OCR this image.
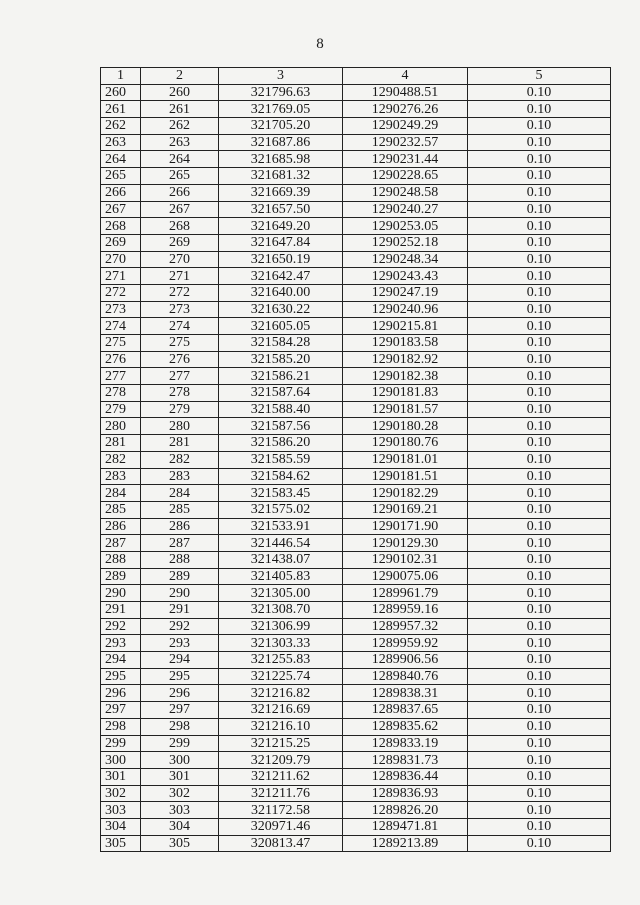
8
1	2	3	4	5
260	260	321796.63	1290488.51	0.10
261	261	321769.05	1290276.26	0.10
262	262	321705.20	1290249.29	0.10
263	263	321687.86	1290232.57	0.10
264	264	321685.98	1290231.44	0.10
265	265	321681.32	1290228.65	0.10
266	266	321669.39	1290248.58	0.10
267	267	321657.50	1290240.27	0.10
268	268	321649.20	1290253.05	0.10
269	269	321647.84	1290252.18	0.10
270	270	321650.19	1290248.34	0.10
271	271	321642.47	1290243.43	0.10
272	272	321640.00	1290247.19	0.10
273	273	321630.22	1290240.96	0.10
274	274	321605.05	1290215.81	0.10
275	275	321584.28	1290183.58	0.10
276	276	321585.20	1290182.92	0.10
277	277	321586.21	1290182.38	0.10
278	278	321587.64	1290181.83	0.10
279	279	321588.40	1290181.57	0.10
280	280	321587.56	1290180.28	0.10
281	281	321586.20	1290180.76	0.10
282	282	321585.59	1290181.01	0.10
283	283	321584.62	1290181.51	0.10
284	284	321583.45	1290182.29	0.10
285	285	321575.02	1290169.21	0.10
286	286	321533.91	1290171.90	0.10
287	287	321446.54	1290129.30	0.10
288	288	321438.07	1290102.31	0.10
289	289	321405.83	1290075.06	0.10
290	290	321305.00	1289961.79	0.10
291	291	321308.70	1289959.16	0.10
292	292	321306.99	1289957.32	0.10
293	293	321303.33	1289959.92	0.10
294	294	321255.83	1289906.56	0.10
295	295	321225.74	1289840.76	0.10
296	296	321216.82	1289838.31	0.10
297	297	321216.69	1289837.65	0.10
298	298	321216.10	1289835.62	0.10
299	299	321215.25	1289833.19	0.10
300	300	321209.79	1289831.73	0.10
301	301	321211.62	1289836.44	0.10
302	302	321211.76	1289836.93	0.10
303	303	321172.58	1289826.20	0.10
304	304	320971.46	1289471.81	0.10
305	305	320813.47	1289213.89	0.10
